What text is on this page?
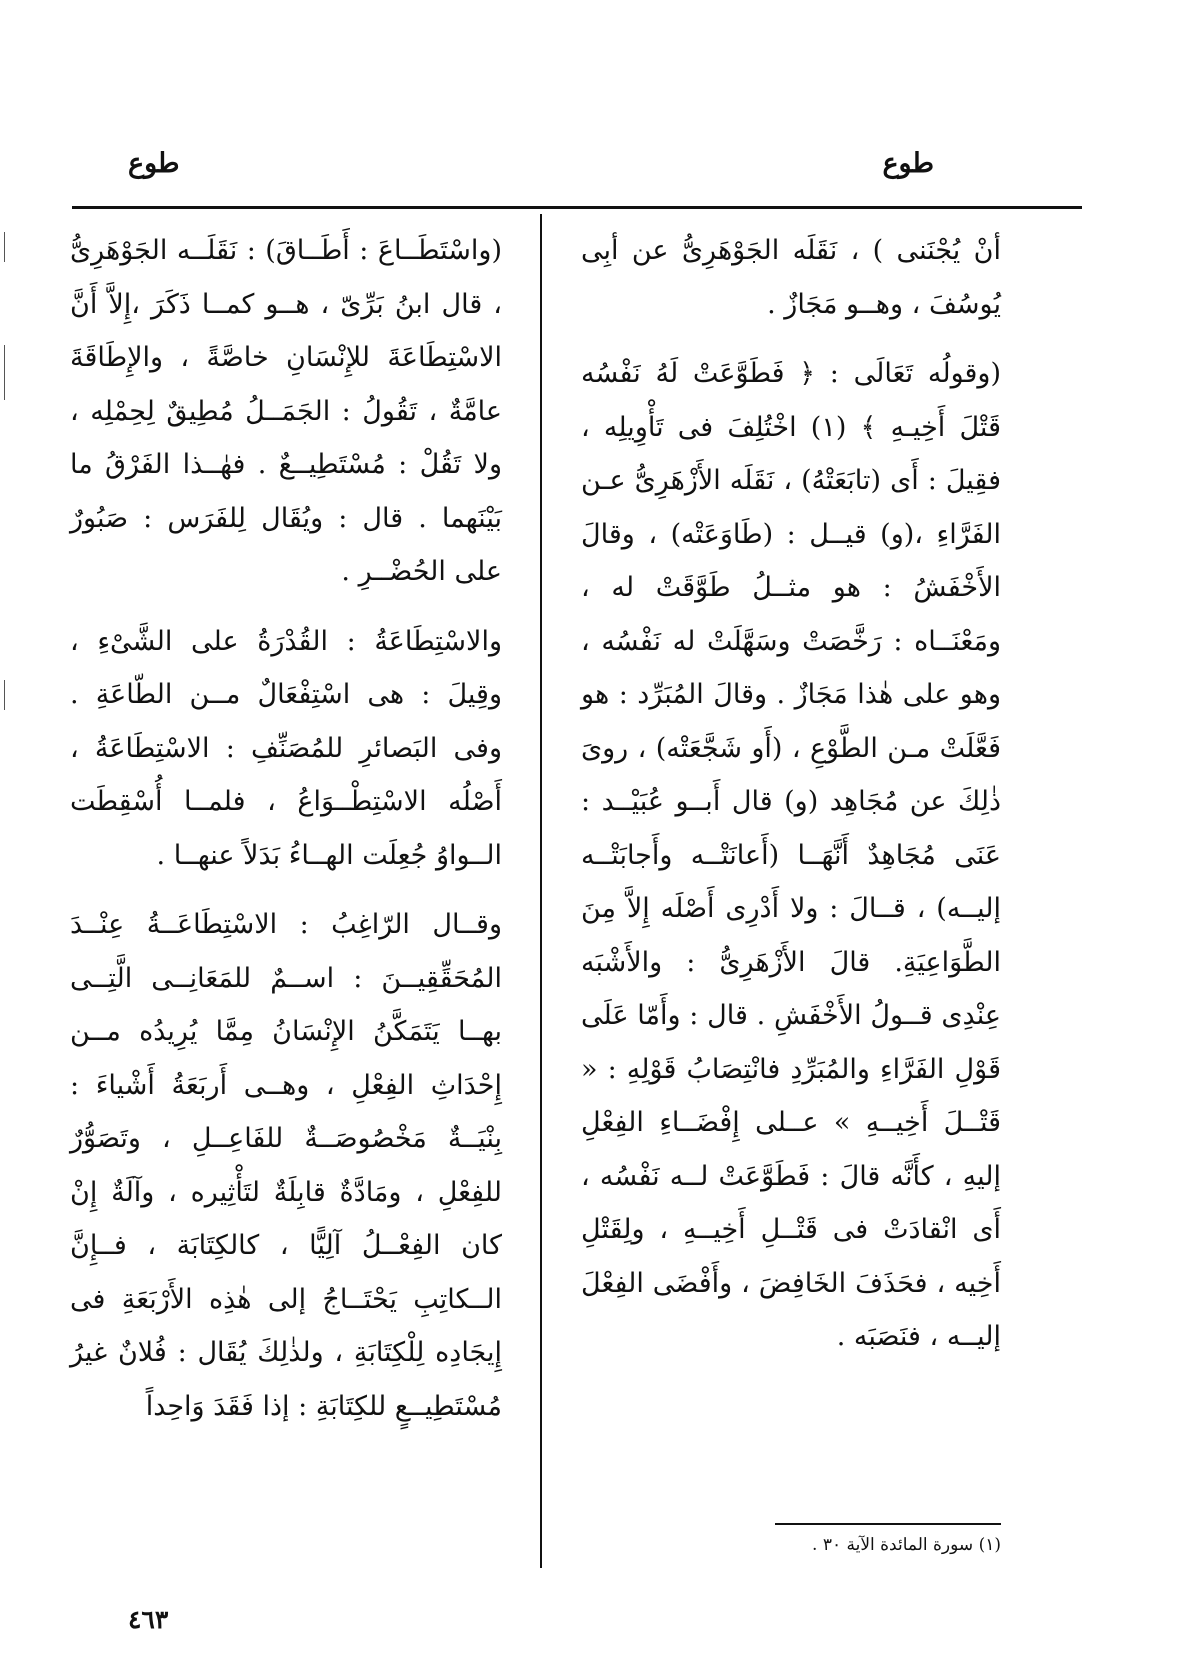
طوع
طوع

أنْ يُجْنَنى ) ، نَقَلَه الجَوْهَرِىُّ عن أبِى يُوسُفَ ، وهــو مَجَازٌ .

(وقولُه تَعَالَى : ﴿ فَطَوَّعَتْ لَهُ نَفْسُه قَتْلَ أَخِيـهِ ﴾ (١) اخْتُلِفَ فى تَأْوِيلِه ، فقِيلَ : أَى (تابَعَتْهُ) ، نَقَلَه الأَزْهَرِىُّ عـن الفَرَّاءِ ،(و) قيــل : (طَاوَعَتْه) ، وقالَ الأَخْفَشُ : هو مثــلُ طَوَّقَتْ له ، ومَعْنَــاه : رَخَّصَتْ وسَهَّلَتْ له نَفْسُه ، وهو على هٰذا مَجَازٌ . وقالَ المُبَرِّد : هو فَعَّلَتْ مـن الطَّوْعِ ، (أَو شَجَّعَتْه) ، روىَ ذٰلِكَ عن مُجَاهِد (و) قال أَبــو عُبَيْــد : عَنَى مُجَاهِدٌ أَنَّهَــا (أَعانَتْــه وأَجابَتْــه إليــه) ، قــالَ : ولا أَدْرِى أَصْلَه إِلاَّ مِنَ الطَّوَاعِيَةِ. قالَ الأَزْهَرِىُّ : والأَشْبَه عِنْدِى قــولُ الأَخْفَشِ . قال : وأَمّا عَلَى قَوْلِ الفَرَّاءِ والمُبَرِّدِ فانْتِصَابُ قَوْلِهِ : « قَتْــلَ أَخِيــهِ » عــلى إِفْضَــاءِ الفِعْلِ إليهِ ، كأَنَّه قالَ : فَطَوَّعَتْ لــه نَفْسُه ، أَى انْقادَتْ فى قَتْــلِ أَخِيــهِ ، ولِقَتْلِ أَخِيه ، فحَذَفَ الخَافِضَ ، وأَفْضَى الفِعْلَ إليــه ، فنَصَبَه .

(واسْتَطَــاعَ : أَطَــاقَ) : نَقَلَــه الجَوْهَرِىُّ ، قال ابنُ بَرِّىّ ، هــو كمــا ذَكَرَ ،إِلاَّ أَنَّ الاسْتِطَاعَةَ للإِنْسَانِ خاصَّةً ، والإِطَاقَةَ عامَّةٌ ، تَقُولُ : الجَمَــلُ مُطِيقٌ لِحِمْلِه ، ولا تَقُلْ : مُسْتَطِيــعٌ . فهٰــذا الفَرْقُ ما بَيْنَهما . قال : ويُقَال لِلفَرَس : صَبُورٌ على الحُضْــرِ .

والاسْتِطَاعَةُ : القُدْرَةُ على الشَّىْءِ ، وقِيلَ : هى اسْتِفْعَالٌ مــن الطّاعَةِ . وفى البَصائرِ للمُصَنِّفِ : الاسْتِطَاعَةُ ، أَصْلُه الاسْتِطْــوَاعُ ، فلمــا أُسْقِطَت الــواوُ جُعِلَت الهــاءُ بَدَلاً عنهــا .

وقــال الرّاغِبُ : الاسْتِطَاعَــةُ عِنْــدَ المُحَقِّقِيــنَ : اســمٌ للمَعَانِــى الَّتِــى بهــا يَتَمَكَّنُ الإِنْسَانُ مِمَّا يُرِيدُه مــن إِحْدَاثِ الفِعْلِ ، وهــى أَربَعَةُ أَشْياءَ : بِنْيَــةٌ مَخْصُوصَــةٌ للفَاعِــلِ ، وتَصَوُّرٌ للفِعْلِ ، ومَادَّةٌ قابِلَةٌ لتَأْثِيره ، وآلَةٌ إِنْ كان الفِعْــلُ آلِيًّا ، كالكِتَابَة ، فــإِنَّ الــكاتِبِ يَحْتَــاجُ إلى هٰذِه الأَرْبَعَةِ فى إِيجَادِه لِلْكِتَابَةِ ، ولذٰلِكَ يُقَال : فُلانٌ غيرُ مُسْتَطِيــعٍ للكِتَابَةِ : إذا فَقَدَ وَاحِداً

(١) سورة المائدة الآية ٣٠ .
٤٦٣
